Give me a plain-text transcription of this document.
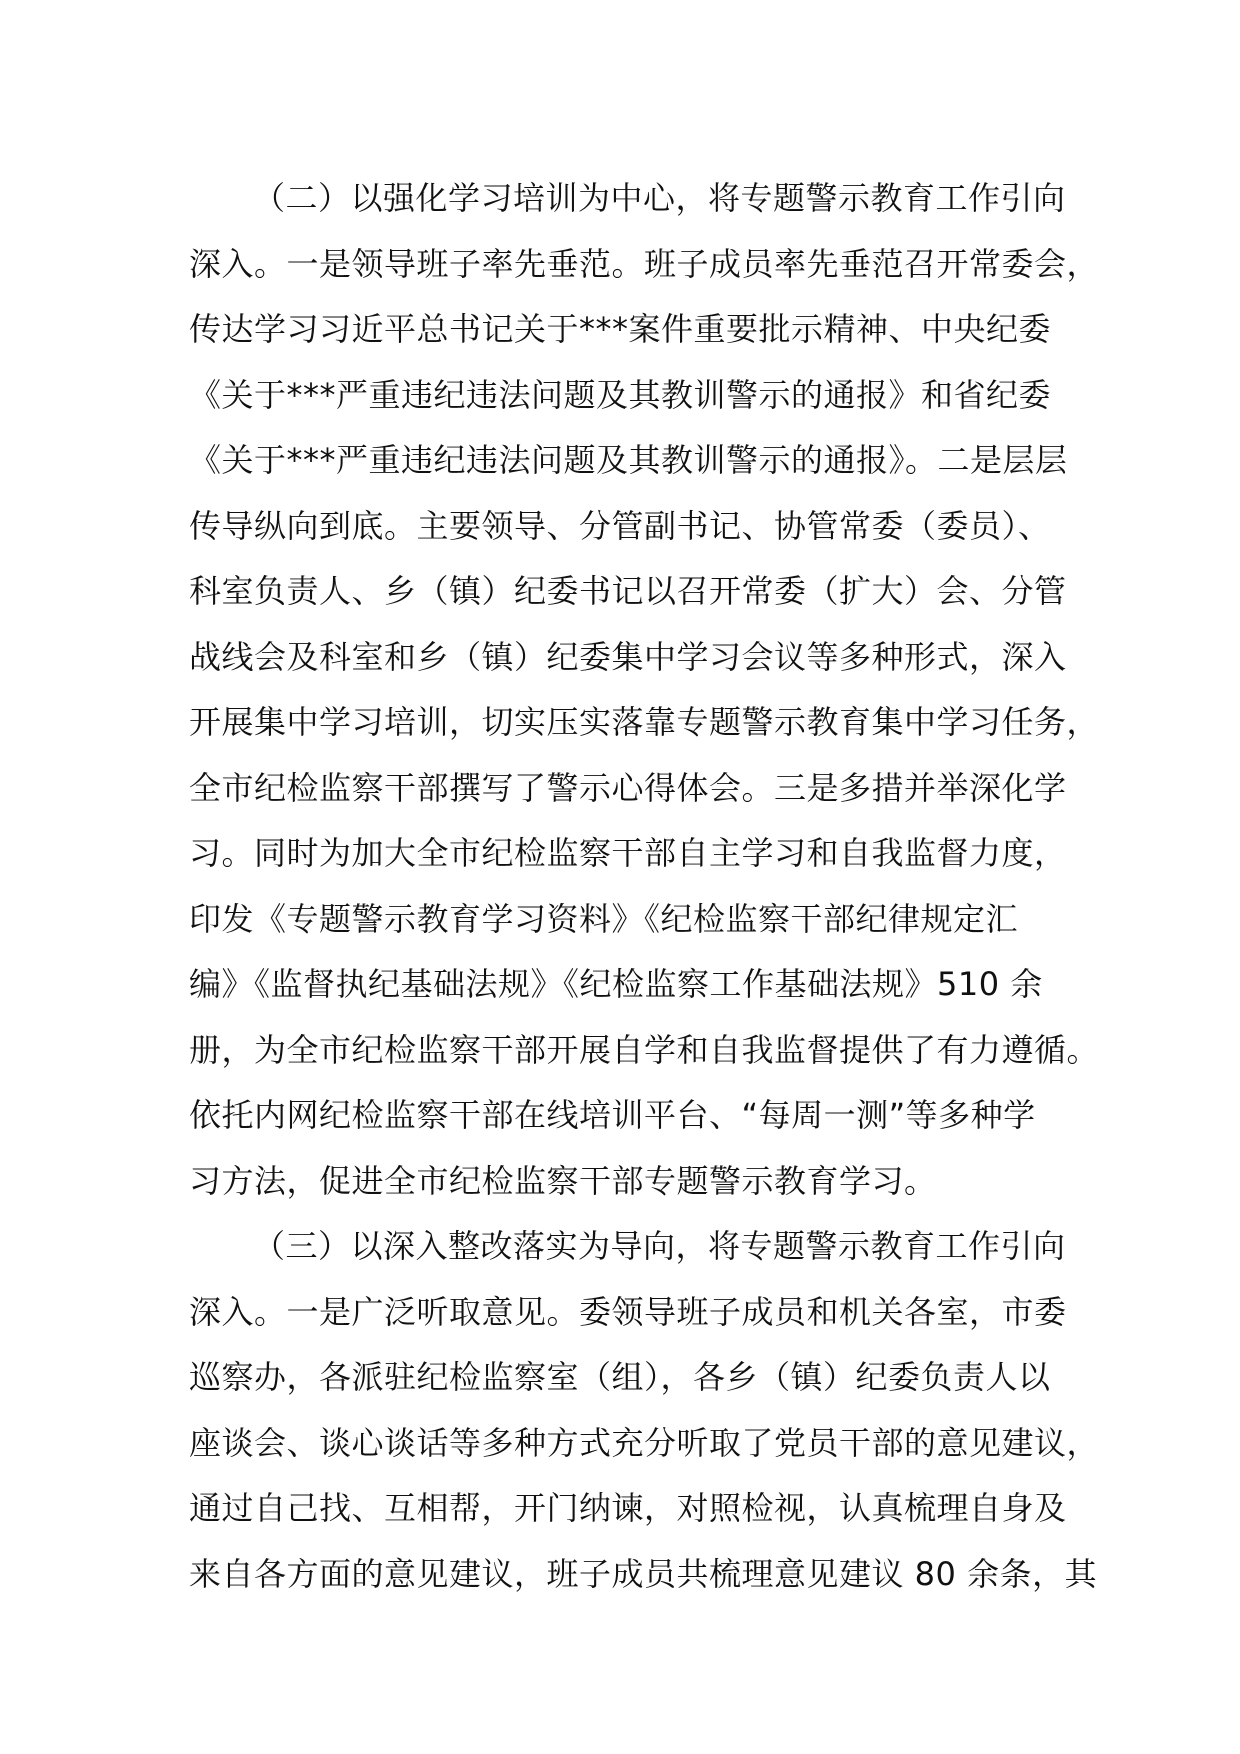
（二）以强化学习培训为中心，将专题警示教育工作引向
深入。一是领导班子率先垂范。班子成员率先垂范召开常委会，
传达学习习近平总书记关于***案件重要批示精神、中央纪委
《关于***严重违纪违法问题及其教训警示的通报》和省纪委
《关于***严重违纪违法问题及其教训警示的通报》。二是层层
传导纵向到底。主要领导、分管副书记、协管常委（委员）、
科室负责人、乡（镇）纪委书记以召开常委（扩大）会、分管
战线会及科室和乡（镇）纪委集中学习会议等多种形式，深入
开展集中学习培训，切实压实落靠专题警示教育集中学习任务，
全市纪检监察干部撰写了警示心得体会。三是多措并举深化学
习。同时为加大全市纪检监察干部自主学习和自我监督力度，
印发《专题警示教育学习资料》《纪检监察干部纪律规定汇
编》《监督执纪基础法规》《纪检监察工作基础法规》510 余
册，为全市纪检监察干部开展自学和自我监督提供了有力遵循。
依托内网纪检监察干部在线培训平台、“每周一测”等多种学
习方法，促进全市纪检监察干部专题警示教育学习。
（三）以深入整改落实为导向，将专题警示教育工作引向
深入。一是广泛听取意见。委领导班子成员和机关各室，市委
巡察办，各派驻纪检监察室（组），各乡（镇）纪委负责人以
座谈会、谈心谈话等多种方式充分听取了党员干部的意见建议，
通过自己找、互相帮，开门纳谏，对照检视，认真梳理自身及
来自各方面的意见建议，班子成员共梳理意见建议 80 余条，其
